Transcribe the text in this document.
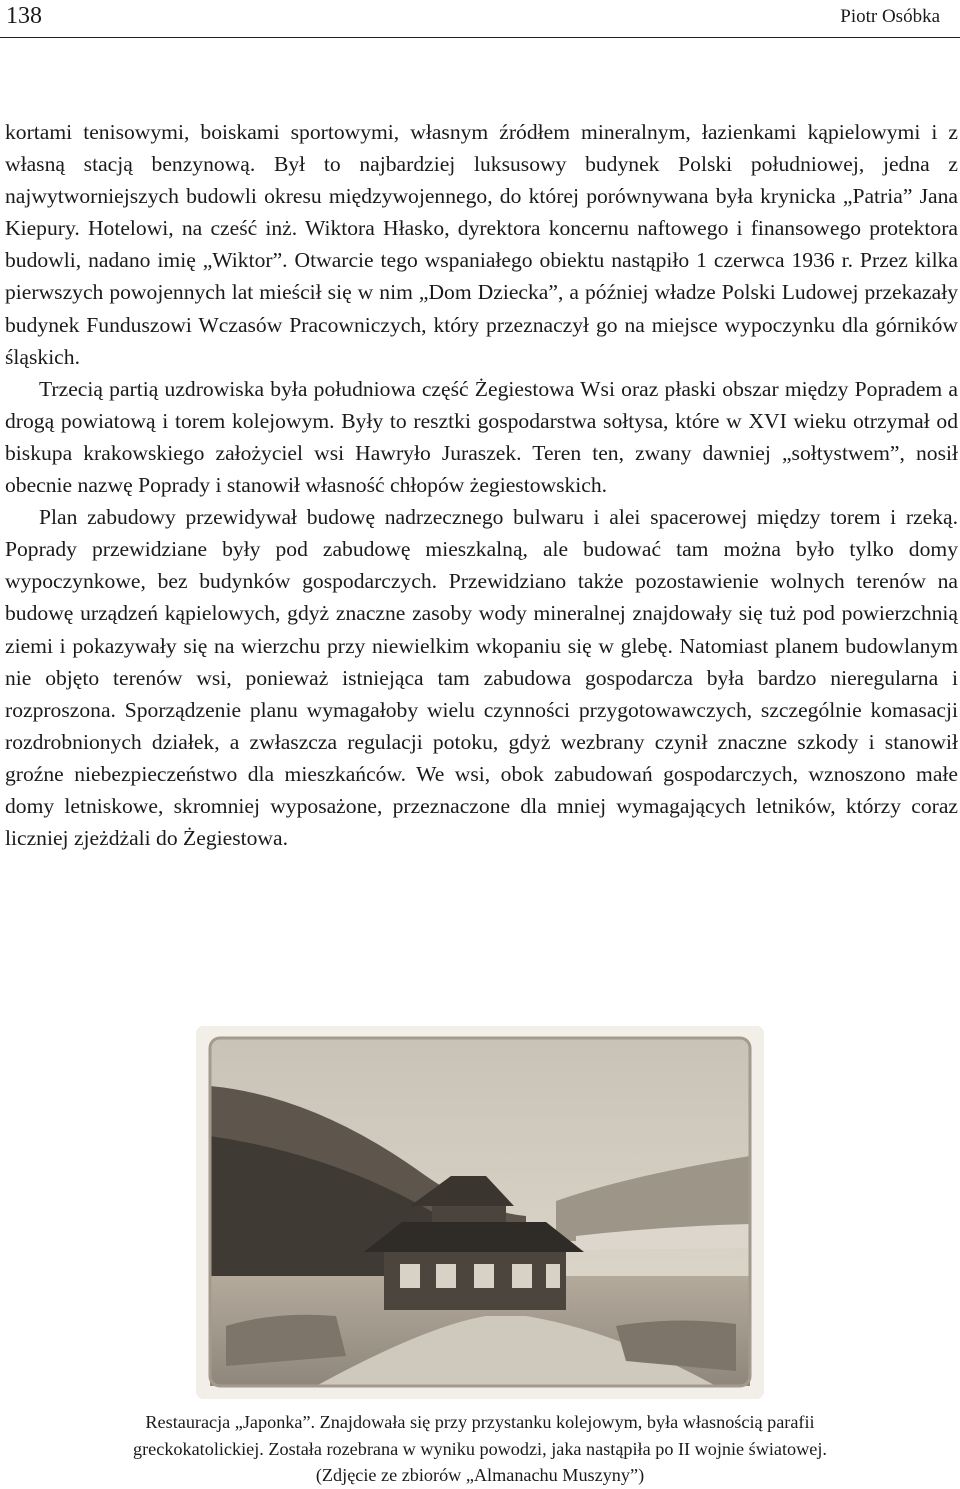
138	Piotr Osóbka

kortami tenisowymi, boiskami sportowymi, własnym źródłem mineralnym, łazienkami kąpielowymi i z własną stacją benzynową. Był to najbardziej luksusowy budynek Polski południowej, jedna z najwytworniejszych budowli okresu międzywojennego, do której porównywana była krynicka „Patria” Jana Kiepury. Hotelowi, na cześć inż. Wiktora Hłasko, dyrektora koncernu naftowego i finansowego protektora budowli, nadano imię „Wiktor”. Otwarcie tego wspaniałego obiektu nastąpiło 1 czerwca 1936 r. Przez kilka pierwszych powojennych lat mieścił się w nim „Dom Dziecka”, a później władze Polski Ludowej przekazały budynek Funduszowi Wczasów Pracowniczych, który przeznaczył go na miejsce wypoczynku dla górników śląskich.

Trzecią partią uzdrowiska była południowa część Żegiestowa Wsi oraz płaski obszar między Popradem a drogą powiatową i torem kolejowym. Były to resztki gospodarstwa sołtysa, które w XVI wieku otrzymał od biskupa krakowskiego założyciel wsi Hawryło Juraszek. Teren ten, zwany dawniej „sołtystwem”, nosił obecnie nazwę Poprady i stanowił własność chłopów żegiestowskich.

Plan zabudowy przewidywał budowę nadrzecznego bulwaru i alei spacerowej między torem i rzeką. Poprady przewidziane były pod zabudowę mieszkalną, ale budować tam można było tylko domy wypoczynkowe, bez budynków gospodarczych. Przewidziano także pozostawienie wolnych terenów na budowę urządzeń kąpielowych, gdyż znaczne zasoby wody mineralnej znajdowały się tuż pod powierzchnią ziemi i pokazywały się na wierzchu przy niewielkim wkopaniu się w glebę. Natomiast planem budowlanym nie objęto terenów wsi, ponieważ istniejąca tam zabudowa gospodarcza była bardzo nieregularna i rozproszona. Sporządzenie planu wymagałoby wielu czynności przygotowawczych, szczególnie komasacji rozdrobnionych działek, a zwłaszcza regulacji potoku, gdyż wezbrany czynił znaczne szkody i stanowił groźne niebezpieczeństwo dla mieszkańców. We wsi, obok zabudowań gospodarczych, wznoszono małe domy letniskowe, skromniej wyposażone, przeznaczone dla mniej wymagających letników, którzy coraz liczniej zjeżdżali do Żegiestowa.

Restauracja „Japonka”. Znajdowała się przy przystanku kolejowym, była własnością parafii
greckokatolickiej. Została rozebrana w wyniku powodzi, jaka nastąpiła po II wojnie światowej.
(Zdjęcie ze zbiorów „Almanachu Muszyny”)
